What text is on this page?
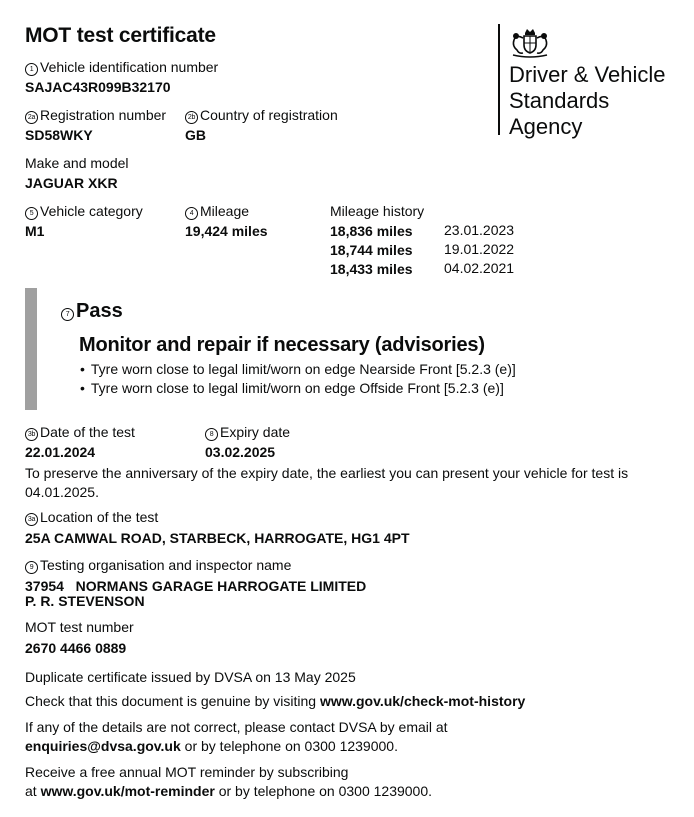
MOT test certificate
Driver & Vehicle
Standards
Agency
1 Vehicle identification number
SAJAC43R099B32170
2a Registration number
SD58WKY
2b Country of registration
GB
Make and model
JAGUAR XKR
5 Vehicle category
M1
4 Mileage
19,424 miles
Mileage history
18,836 miles 23.01.2023
18,744 miles 19.01.2022
18,433 miles 04.02.2021
7 Pass
Monitor and repair if necessary (advisories)
• Tyre worn close to legal limit/worn on edge Nearside Front [5.2.3 (e)]
• Tyre worn close to legal limit/worn on edge Offside Front [5.2.3 (e)]
3b Date of the test
22.01.2024
8 Expiry date
03.02.2025
To preserve the anniversary of the expiry date, the earliest you can present your vehicle for test is
04.01.2025.
3a Location of the test
25A CAMWAL ROAD, STARBECK, HARROGATE, HG1 4PT
9 Testing organisation and inspector name
37954 NORMANS GARAGE HARROGATE LIMITED
P. R. STEVENSON
MOT test number
2670 4466 0889
Duplicate certificate issued by DVSA on 13 May 2025
Check that this document is genuine by visiting www.gov.uk/check-mot-history
If any of the details are not correct, please contact DVSA by email at
enquiries@dvsa.gov.uk or by telephone on 0300 1239000.
Receive a free annual MOT reminder by subscribing
at www.gov.uk/mot-reminder or by telephone on 0300 1239000.
